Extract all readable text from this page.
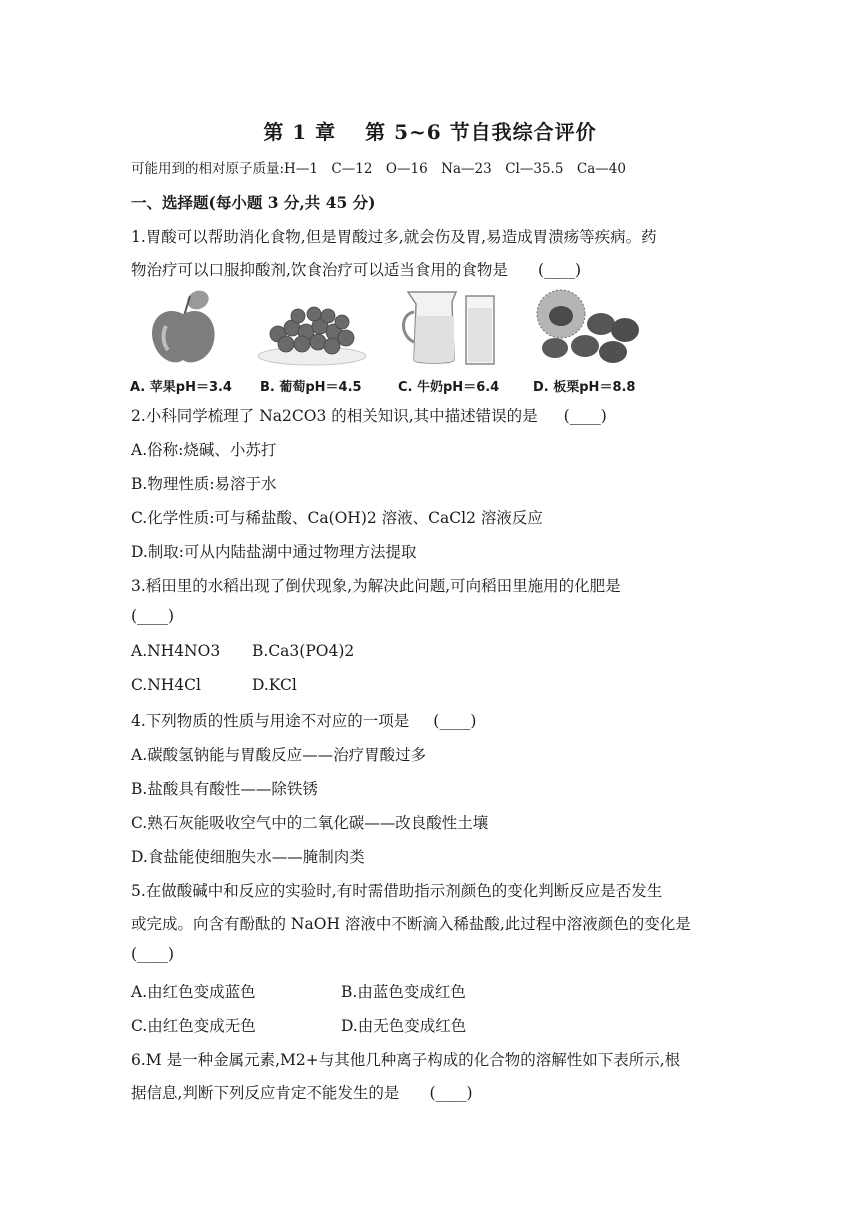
第 1 章　 第 5~6 节自我综合评价
可能用到的相对原子质量:H—1　C—12　O—16　Na—23　Cl—35.5　Ca—40
一、选择题(每小题 3 分,共 45 分)
1.胃酸可以帮助消化食物,但是胃酸过多,就会伤及胃,易造成胃溃疡等疾病。药
物治疗可以口服抑酸剂,饮食治疗可以适当食用的食物是 (____)
A. 苹果pH＝3.4 B. 葡萄pH＝4.5	C. 牛奶pH＝6.4	D. 板栗pH＝8.8
2.小科同学梳理了 Na2CO3 的相关知识,其中描述错误的是 (____)
A.俗称:烧碱、小苏打
B.物理性质:易溶于水
C.化学性质:可与稀盐酸、Ca(OH)2 溶液、CaCl2 溶液反应
D.制取:可从内陆盐湖中通过物理方法提取
3.稻田里的水稻出现了倒伏现象,为解决此问题,可向稻田里施用的化肥是
(____)
A.NH4NO3 B.Ca3(PO4)2
C.NH4Cl	D.KCl
4.下列物质的性质与用途不对应的一项是 (____)
A.碳酸氢钠能与胃酸反应——治疗胃酸过多
B.盐酸具有酸性——除铁锈
C.熟石灰能吸收空气中的二氧化碳——改良酸性土壤
D.食盐能使细胞失水——腌制肉类
5.在做酸碱中和反应的实验时,有时需借助指示剂颜色的变化判断反应是否发生
或完成。向含有酚酞的 NaOH 溶液中不断滴入稀盐酸,此过程中溶液颜色的变化是
(____)
A.由红色变成蓝色	B.由蓝色变成红色
C.由红色变成无色	D.由无色变成红色
6.M 是一种金属元素,M2+与其他几种离子构成的化合物的溶解性如下表所示,根
据信息,判断下列反应肯定不能发生的是 (____)
